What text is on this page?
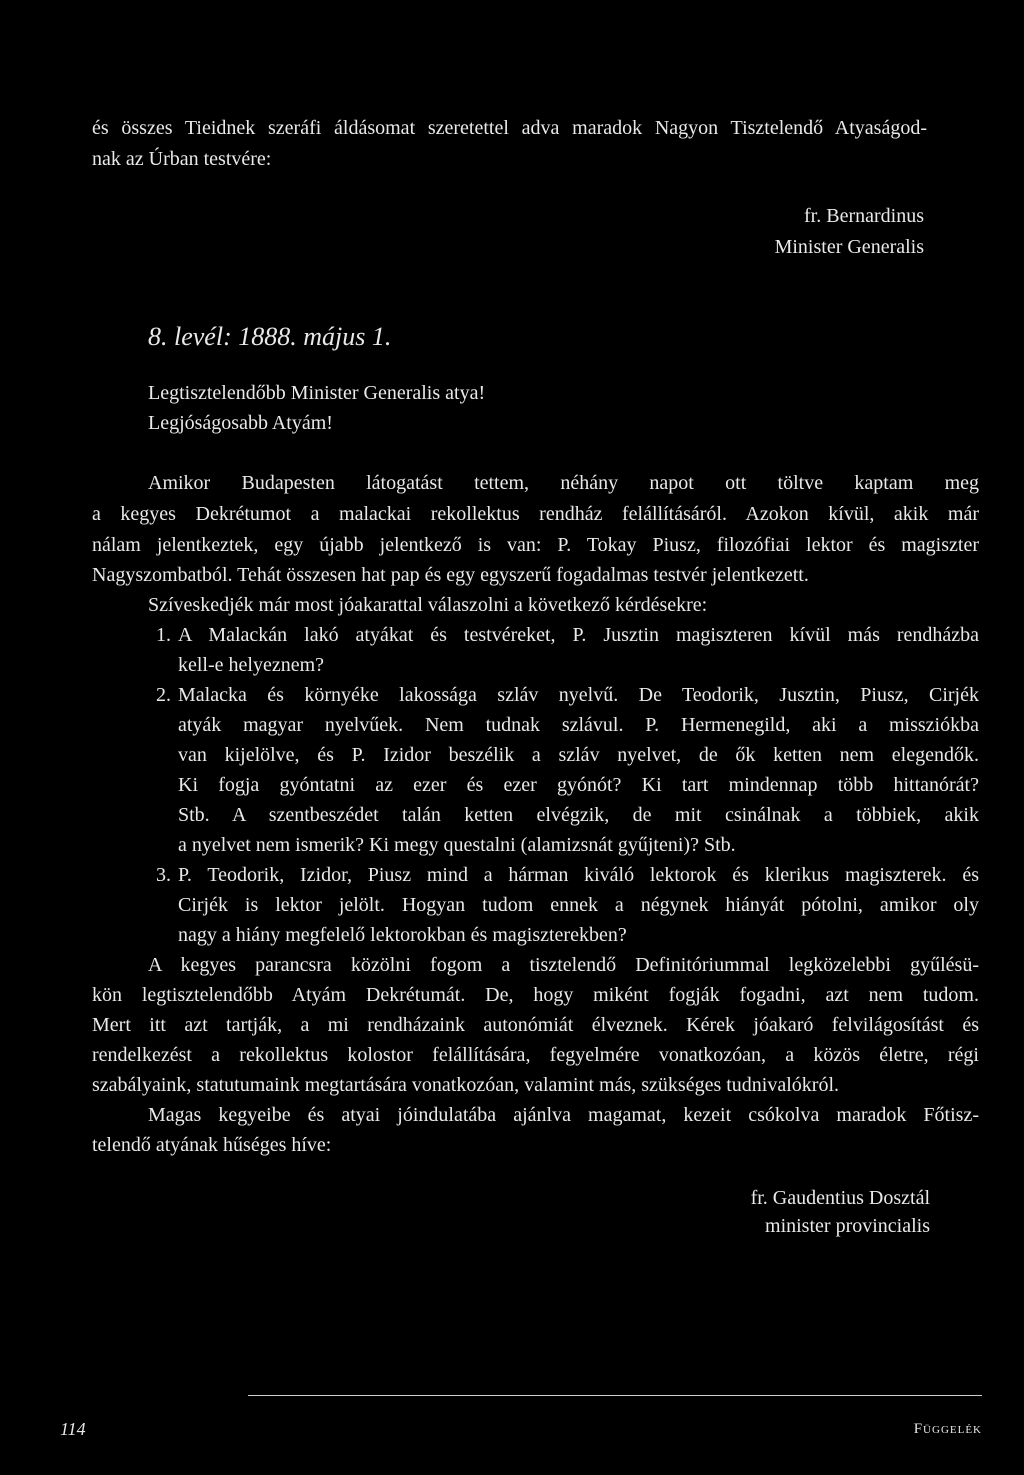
és összes Tieidnek szeráfi áldásomat szeretettel adva maradok Nagyon Tisztelendő Atyaságod-
nak az Úrban testvére:
fr. Bernardinus
Minister Generalis
8. levél: 1888. május 1.
Legtisztelendőbb Minister Generalis atya!
Legjóságosabb Atyám!
Amikor Budapesten látogatást tettem, néhány napot ott töltve kaptam meg
a kegyes Dekrétumot a malackai rekollektus rendház felállításáról. Azokon kívül, akik már
nálam jelentkeztek, egy újabb jelentkező is van: P. Tokay Piusz, filozófiai lektor és magiszter
Nagyszombatból. Tehát összesen hat pap és egy egyszerű fogadalmas testvér jelentkezett.
Szíveskedjék már most jóakarattal válaszolni a következő kérdésekre:
1. A Malackán lakó atyákat és testvéreket, P. Jusztin magiszteren kívül más rendházba
kell-e helyeznem?
2. Malacka és környéke lakossága szláv nyelvű. De Teodorik, Jusztin, Piusz, Cirjék
atyák magyar nyelvűek. Nem tudnak szlávul. P. Hermenegild, aki a missziókba
van kijelölve, és P. Izidor beszélik a szláv nyelvet, de ők ketten nem elegendők.
Ki fogja gyóntatni az ezer és ezer gyónót? Ki tart mindennap több hittanórát?
Stb. A szentbeszédet talán ketten elvégzik, de mit csinálnak a többiek, akik
a nyelvet nem ismerik? Ki megy questalni (alamizsnát gyűjteni)? Stb.
3. P. Teodorik, Izidor, Piusz mind a hárman kiváló lektorok és klerikus magiszterek. és
Cirjék is lektor jelölt. Hogyan tudom ennek a négynek hiányát pótolni, amikor oly
nagy a hiány megfelelő lektorokban és magiszterekben?
A kegyes parancsra közölni fogom a tisztelendő Definitóriummal legközelebbi gyűlésü-
kön legtisztelendőbb Atyám Dekrétumát. De, hogy miként fogják fogadni, azt nem tudom.
Mert itt azt tartják, a mi rendházaink autonómiát élveznek. Kérek jóakaró felvilágosítást és
rendelkezést a rekollektus kolostor felállítására, fegyelmére vonatkozóan, a közös életre, régi
szabályaink, statutumaink megtartására vonatkozóan, valamint más, szükséges tudnivalókról.
Magas kegyeibe és atyai jóindulatába ajánlva magamat, kezeit csókolva maradok Főtisz-
telendő atyának hűséges híve:
fr. Gaudentius Dosztál
minister provincialis
114	Függelék
